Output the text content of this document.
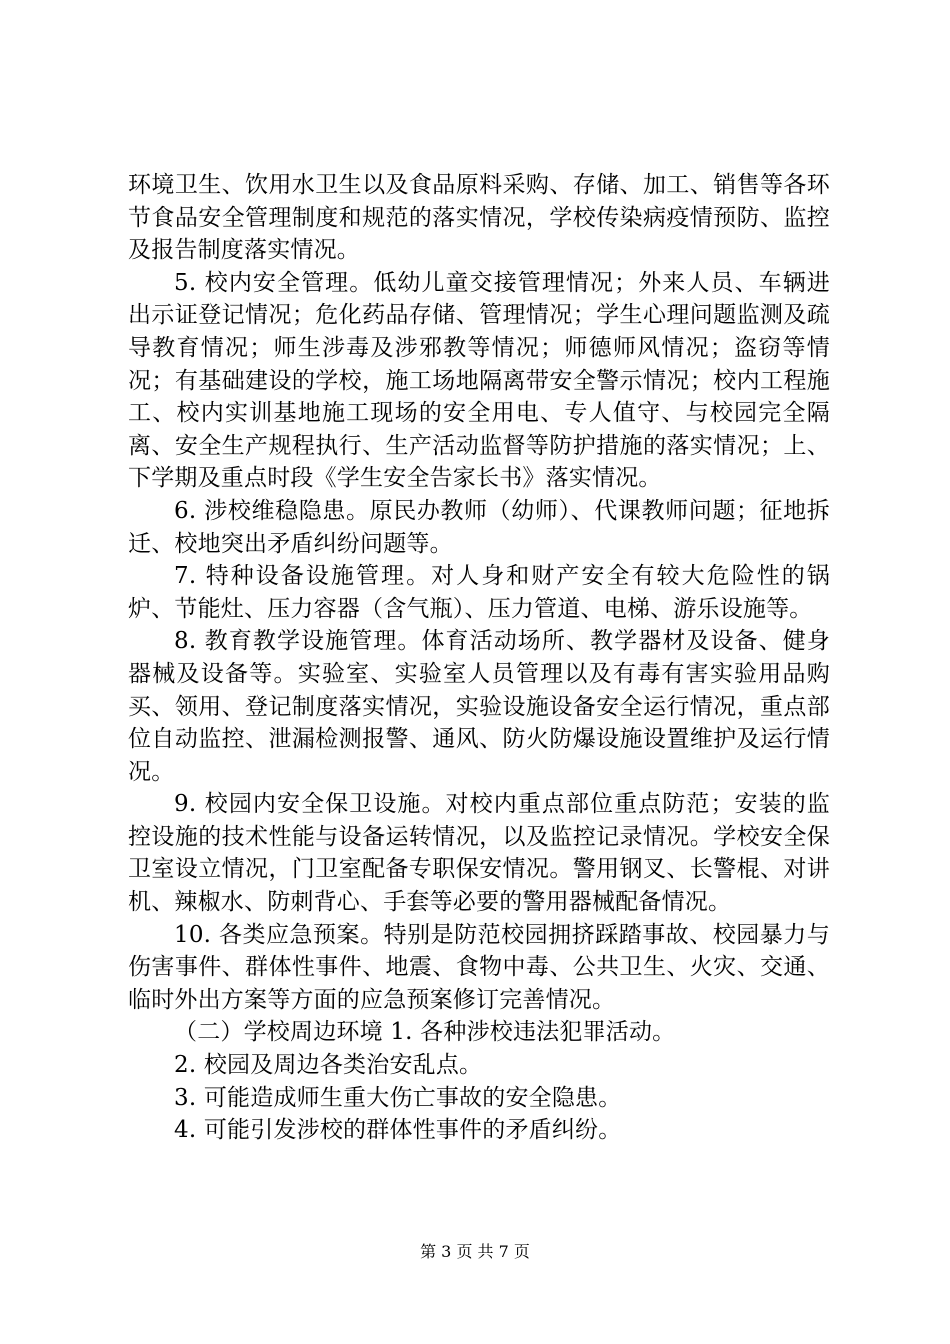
环境卫生、饮用水卫生以及食品原料采购、存储、加工、销售等各环节食品安全管理制度和规范的落实情况，学校传染病疫情预防、监控及报告制度落实情况。

5. 校内安全管理。低幼儿童交接管理情况；外来人员、车辆进出示证登记情况；危化药品存储、管理情况；学生心理问题监测及疏导教育情况；师生涉毒及涉邪教等情况；师德师风情况；盗窃等情况；有基础建设的学校，施工场地隔离带安全警示情况；校内工程施工、校内实训基地施工现场的安全用电、专人值守、与校园完全隔离、安全生产规程执行、生产活动监督等防护措施的落实情况；上、下学期及重点时段《学生安全告家长书》落实情况。

6. 涉校维稳隐患。原民办教师（幼师）、代课教师问题；征地拆迁、校地突出矛盾纠纷问题等。

7. 特种设备设施管理。对人身和财产安全有较大危险性的锅炉、节能灶、压力容器（含气瓶）、压力管道、电梯、游乐设施等。

8. 教育教学设施管理。体育活动场所、教学器材及设备、健身器械及设备等。实验室、实验室人员管理以及有毒有害实验用品购买、领用、登记制度落实情况，实验设施设备安全运行情况，重点部位自动监控、泄漏检测报警、通风、防火防爆设施设置维护及运行情况。

9. 校园内安全保卫设施。对校内重点部位重点防范；安装的监控设施的技术性能与设备运转情况，以及监控记录情况。学校安全保卫室设立情况，门卫室配备专职保安情况。警用钢叉、长警棍、对讲机、辣椒水、防刺背心、手套等必要的警用器械配备情况。

10. 各类应急预案。特别是防范校园拥挤踩踏事故、校园暴力与伤害事件、群体性事件、地震、食物中毒、公共卫生、火灾、交通、临时外出方案等方面的应急预案修订完善情况。

（二）学校周边环境 1. 各种涉校违法犯罪活动。

2. 校园及周边各类治安乱点。

3. 可能造成师生重大伤亡事故的安全隐患。

4. 可能引发涉校的群体性事件的矛盾纠纷。

第 3 页 共 7 页
